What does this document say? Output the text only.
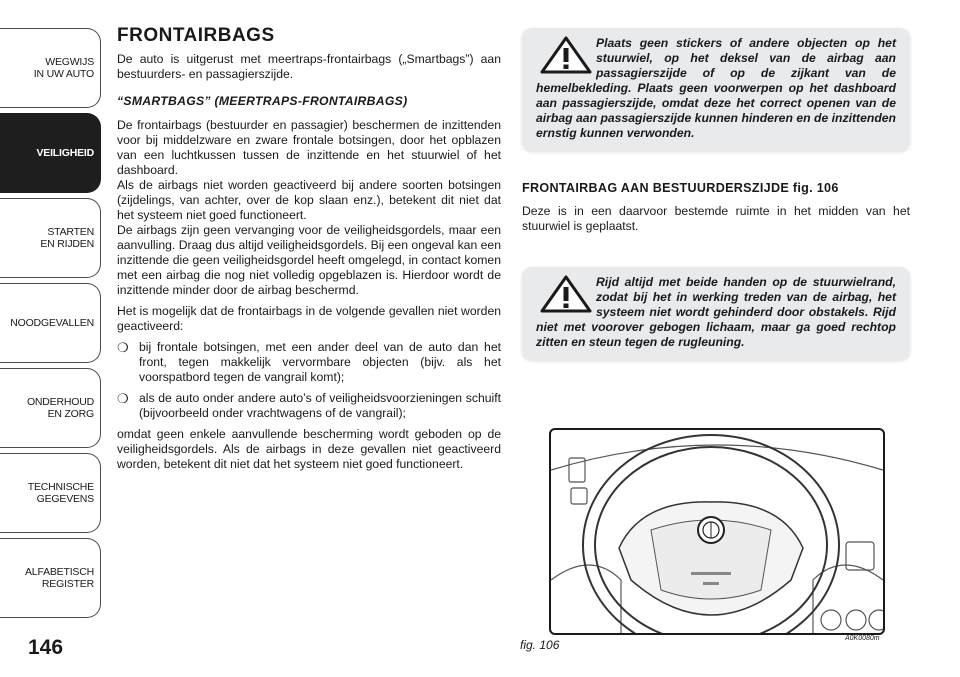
WEGWIJS
IN UW AUTO
VEILIGHEID
STARTEN
EN RIJDEN
NOODGEVALLEN
ONDERHOUD
EN ZORG
TECHNISCHE
GEGEVENS
ALFABETISCH
REGISTER
146
FRONTAIRBAGS

De auto is uitgerust met meertraps-frontairbags („Smartbags”) aan bestuurders- en passagierszijde.

“SMARTBAGS” (MEERTRAPS-FRONTAIRBAGS)

De frontairbags (bestuurder en passagier) beschermen de inzittenden voor bij middelzware en zware frontale botsingen, door het opblazen van een luchtkussen tussen de inzittende en het stuurwiel of het dashboard.

Als de airbags niet worden geactiveerd bij andere soorten botsingen (zijdelings, van achter, over de kop slaan enz.), betekent dit niet dat het systeem niet goed functioneert.

De airbags zijn geen vervanging voor de veiligheidsgordels, maar een aanvulling. Draag dus altijd veiligheidsgordels. Bij een ongeval kan een inzittende die geen veiligheidsgordel heeft omgelegd, in contact komen met een airbag die nog niet volledig opgeblazen is. Hierdoor wordt de inzittende minder door de airbag beschermd.

Het is mogelijk dat de frontairbags in de volgende gevallen niet worden geactiveerd:

❍ bij frontale botsingen, met een ander deel van de auto dan het front, tegen makkelijk vervormbare objecten (bijv. als het voorspatbord tegen de vangrail komt);
❍ als de auto onder andere auto’s of veiligheidsvoorzieningen schuift (bijvoorbeeld onder vrachtwagens of de vangrail);

omdat geen enkele aanvullende bescherming wordt geboden op de veiligheidsgordels. Als de airbags in deze gevallen niet geactiveerd worden, betekent dit niet dat het systeem niet goed functioneert.

Plaats geen stickers of andere objecten op het stuurwiel, op het deksel van de airbag aan passagierszijde of op de zijkant van de hemelbekleding. Plaats geen voorwerpen op het dashboard aan passagierszijde, omdat deze het correct openen van de airbag aan passagierszijde kunnen hinderen en de inzittenden ernstig kunnen verwonden.

FRONTAIRBAG AAN BESTUURDERSZIJDE fig. 106

Deze is in een daarvoor bestemde ruimte in het midden van het stuurwiel is geplaatst.

Rijd altijd met beide handen op de stuurwielrand, zodat bij het in werking treden van de airbag, het systeem niet wordt gehinderd door obstakels. Rijd niet met voorover gebogen lichaam, maar ga goed rechtop zitten en steun tegen de rugleuning.

fig. 106	A0K0080m
